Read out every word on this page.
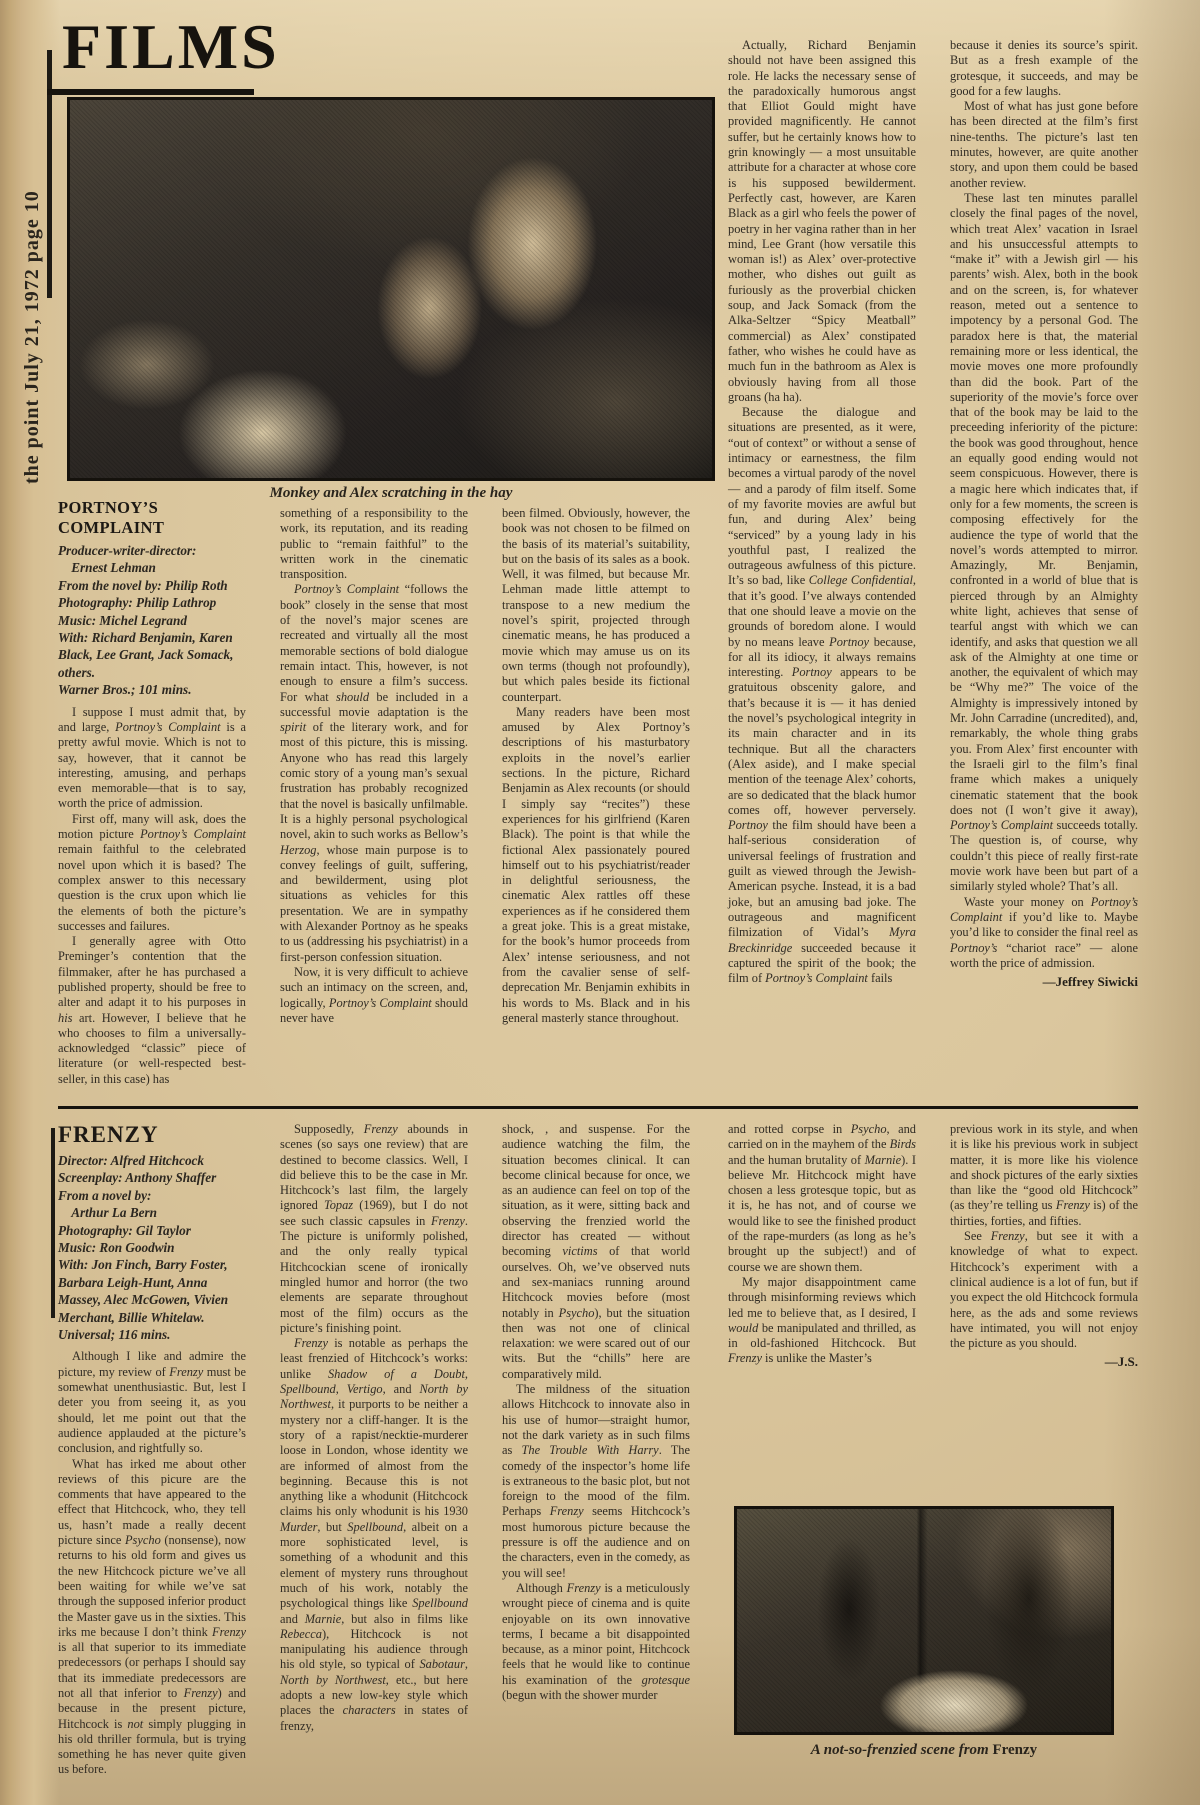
the point July 21, 1972 page 10
FILMS
Monkey and Alex scratching in the hay
PORTNOY’S COMPLAINT

Producer-writer-director:

Ernest Lehman

From the novel by: Philip Roth

Photography: Philip Lathrop

Music: Michel Legrand

With: Richard Benjamin, Karen Black, Lee Grant, Jack Somack, others.

Warner Bros.; 101 mins.

I suppose I must admit that, by and large, Portnoy’s Complaint is a pretty awful movie. Which is not to say, however, that it cannot be interesting, amusing, and perhaps even memorable—that is to say, worth the price of admission.

First off, many will ask, does the motion picture Portnoy’s Complaint remain faithful to the celebrated novel upon which it is based? The complex answer to this necessary question is the crux upon which lie the elements of both the picture’s successes and failures.

I generally agree with Otto Preminger’s contention that the filmmaker, after he has purchased a published property, should be free to alter and adapt it to his purposes in his art. However, I believe that he who chooses to film a universally-acknowledged “classic” piece of literature (or well-respected best-seller, in this case) has

something of a responsibility to the work, its reputation, and its reading public to “remain faithful” to the written work in the cinematic transposition.

Portnoy’s Complaint “follows the book” closely in the sense that most of the novel’s major scenes are recreated and virtually all the most memorable sections of bold dialogue remain intact. This, however, is not enough to ensure a film’s success. For what should be included in a successful movie adaptation is the spirit of the literary work, and for most of this picture, this is missing. Anyone who has read this largely comic story of a young man’s sexual frustration has probably recognized that the novel is basically unfilmable. It is a highly personal psychological novel, akin to such works as Bellow’s Herzog, whose main purpose is to convey feelings of guilt, suffering, and bewilderment, using plot situations as vehicles for this presentation. We are in sympathy with Alexander Portnoy as he speaks to us (addressing his psychiatrist) in a first-person confession situation.

Now, it is very difficult to achieve such an intimacy on the screen, and, logically, Portnoy’s Complaint should never have

been filmed. Obviously, however, the book was not chosen to be filmed on the basis of its material’s suitability, but on the basis of its sales as a book. Well, it was filmed, but because Mr. Lehman made little attempt to transpose to a new medium the novel’s spirit, projected through cinematic means, he has produced a movie which may amuse us on its own terms (though not profoundly), but which pales beside its fictional counterpart.

Many readers have been most amused by Alex Portnoy’s descriptions of his masturbatory exploits in the novel’s earlier sections. In the picture, Richard Benjamin as Alex recounts (or should I simply say “recites”) these experiences for his girlfriend (Karen Black). The point is that while the fictional Alex passionately poured himself out to his psychiatrist/reader in delightful seriousness, the cinematic Alex rattles off these experiences as if he considered them a great joke. This is a great mistake, for the book’s humor proceeds from Alex’ intense seriousness, and not from the cavalier sense of self-deprecation Mr. Benjamin exhibits in his words to Ms. Black and in his general masterly stance throughout.

Actually, Richard Benjamin should not have been assigned this role. He lacks the necessary sense of the paradoxically humorous angst that Elliot Gould might have provided magnificently. He cannot suffer, but he certainly knows how to grin knowingly — a most unsuitable attribute for a character at whose core is his supposed bewilderment. Perfectly cast, however, are Karen Black as a girl who feels the power of poetry in her vagina rather than in her mind, Lee Grant (how versatile this woman is!) as Alex’ over-protective mother, who dishes out guilt as furiously as the proverbial chicken soup, and Jack Somack (from the Alka-Seltzer “Spicy Meatball” commercial) as Alex’ constipated father, who wishes he could have as much fun in the bathroom as Alex is obviously having from all those groans (ha ha).

Because the dialogue and situations are presented, as it were, “out of context” or without a sense of intimacy or earnestness, the film becomes a virtual parody of the novel — and a parody of film itself. Some of my favorite movies are awful but fun, and during Alex’ being “serviced” by a young lady in his youthful past, I realized the outrageous awfulness of this picture. It’s so bad, like College Confidential, that it’s good. I’ve always contended that one should leave a movie on the grounds of boredom alone. I would by no means leave Portnoy because, for all its idiocy, it always remains interesting. Portnoy appears to be gratuitous obscenity galore, and that’s because it is — it has denied the novel’s psychological integrity in its main character and in its technique. But all the characters (Alex aside), and I make special mention of the teenage Alex’ cohorts, are so dedicated that the black humor comes off, however perversely. Portnoy the film should have been a half-serious consideration of universal feelings of frustration and guilt as viewed through the Jewish-American psyche. Instead, it is a bad joke, but an amusing bad joke. The outrageous and magnificent filmization of Vidal’s Myra Breckinridge succeeded because it captured the spirit of the book; the film of Portnoy’s Complaint fails

because it denies its source’s spirit. But as a fresh example of the grotesque, it succeeds, and may be good for a few laughs.

Most of what has just gone before has been directed at the film’s first nine-tenths. The picture’s last ten minutes, however, are quite another story, and upon them could be based another review.

These last ten minutes parallel closely the final pages of the novel, which treat Alex’ vacation in Israel and his unsuccessful attempts to “make it” with a Jewish girl — his parents’ wish. Alex, both in the book and on the screen, is, for whatever reason, meted out a sentence to impotency by a personal God. The paradox here is that, the material remaining more or less identical, the movie moves one more profoundly than did the book. Part of the superiority of the movie’s force over that of the book may be laid to the preceeding inferiority of the picture: the book was good throughout, hence an equally good ending would not seem conspicuous. However, there is a magic here which indicates that, if only for a few moments, the screen is composing effectively for the audience the type of world that the novel’s words attempted to mirror. Amazingly, Mr. Benjamin, confronted in a world of blue that is pierced through by an Almighty white light, achieves that sense of tearful angst with which we can identify, and asks that question we all ask of the Almighty at one time or another, the equivalent of which may be “Why me?” The voice of the Almighty is impressively intoned by Mr. John Carradine (uncredited), and, remarkably, the whole thing grabs you. From Alex’ first encounter with the Israeli girl to the film’s final frame which makes a uniquely cinematic statement that the book does not (I won’t give it away), Portnoy’s Complaint succeeds totally. The question is, of course, why couldn’t this piece of really first-rate movie work have been but part of a similarly styled whole? That’s all.

Waste your money on Portnoy’s Complaint if you’d like to. Maybe you’d like to consider the final reel as Portnoy’s “chariot race” — alone worth the price of admission.

—Jeffrey Siwicki

FRENZY

Director: Alfred Hitchcock

Screenplay: Anthony Shaffer

From a novel by:

Arthur La Bern

Photography: Gil Taylor

Music: Ron Goodwin

With: Jon Finch, Barry Foster, Barbara Leigh-Hunt, Anna Massey, Alec McGowen, Vivien Merchant, Billie Whitelaw.

Universal; 116 mins.

Although I like and admire the picture, my review of Frenzy must be somewhat unenthusiastic. But, lest I deter you from seeing it, as you should, let me point out that the audience applauded at the picture’s conclusion, and rightfully so.

What has irked me about other reviews of this picure are the comments that have appeared to the effect that Hitchcock, who, they tell us, hasn’t made a really decent picture since Psycho (nonsense), now returns to his old form and gives us the new Hitchcock picture we’ve all been waiting for while we’ve sat through the supposed inferior product the Master gave us in the sixties. This irks me because I don’t think Frenzy is all that superior to its immediate predecessors (or perhaps I should say that its immediate predecessors are not all that inferior to Frenzy) and because in the present picture, Hitchcock is not simply plugging in his old thriller formula, but is trying something he has never quite given us before.

Supposedly, Frenzy abounds in scenes (so says one review) that are destined to become classics. Well, I did believe this to be the case in Mr. Hitchcock’s last film, the largely ignored Topaz (1969), but I do not see such classic capsules in Frenzy. The picture is uniformly polished, and the only really typical Hitchcockian scene of ironically mingled humor and horror (the two elements are separate throughout most of the film) occurs as the picture’s finishing point.

Frenzy is notable as perhaps the least frenzied of Hitchcock’s works: unlike Shadow of a Doubt, Spellbound, Vertigo, and North by Northwest, it purports to be neither a mystery nor a cliff-hanger. It is the story of a rapist/necktie-murderer loose in London, whose identity we are informed of almost from the beginning. Because this is not anything like a whodunit (Hitchcock claims his only whodunit is his 1930 Murder, but Spellbound, albeit on a more sophisticated level, is something of a whodunit and this element of mystery runs throughout much of his work, notably the psychological things like Spellbound and Marnie, but also in films like Rebecca), Hitchcock is not manipulating his audience through his old style, so typical of Sabotaur, North by Northwest, etc., but here adopts a new low-key style which places the characters in states of frenzy,

shock, , and suspense. For the audience watching the film, the situation becomes clinical. It can become clinical because for once, we as an audience can feel on top of the situation, as it were, sitting back and observing the frenzied world the director has created — without becoming victims of that world ourselves. Oh, we’ve observed nuts and sex-maniacs running around Hitchcock movies before (most notably in Psycho), but the situation then was not one of clinical relaxation: we were scared out of our wits. But the “chills” here are comparatively mild.

The mildness of the situation allows Hitchcock to innovate also in his use of humor—straight humor, not the dark variety as in such films as The Trouble With Harry. The comedy of the inspector’s home life is extraneous to the basic plot, but not foreign to the mood of the film. Perhaps Frenzy seems Hitchcock’s most humorous picture because the pressure is off the audience and on the characters, even in the comedy, as you will see!

Although Frenzy is a meticulously wrought piece of cinema and is quite enjoyable on its own innovative terms, I became a bit disappointed because, as a minor point, Hitchcock feels that he would like to continue his examination of the grotesque (begun with the shower murder

and rotted corpse in Psycho, and carried on in the mayhem of the Birds and the human brutality of Marnie). I believe Mr. Hitchcock might have chosen a less grotesque topic, but as it is, he has not, and of course we would like to see the finished product of the rape-murders (as long as he’s brought up the subject!) and of course we are shown them.

My major disappointment came through misinforming reviews which led me to believe that, as I desired, I would be manipulated and thrilled, as in old-fashioned Hitchcock. But Frenzy is unlike the Master’s

previous work in its style, and when it is like his previous work in subject matter, it is more like his violence and shock pictures of the early sixties than like the “good old Hitchcock” (as they’re telling us Frenzy is) of the thirties, forties, and fifties.

See Frenzy, but see it with a knowledge of what to expect. Hitchcock’s experiment with a clinical audience is a lot of fun, but if you expect the old Hitchcock formula here, as the ads and some reviews have intimated, you will not enjoy the picture as you should.

—J.S.

A not-so-frenzied scene from Frenzy
